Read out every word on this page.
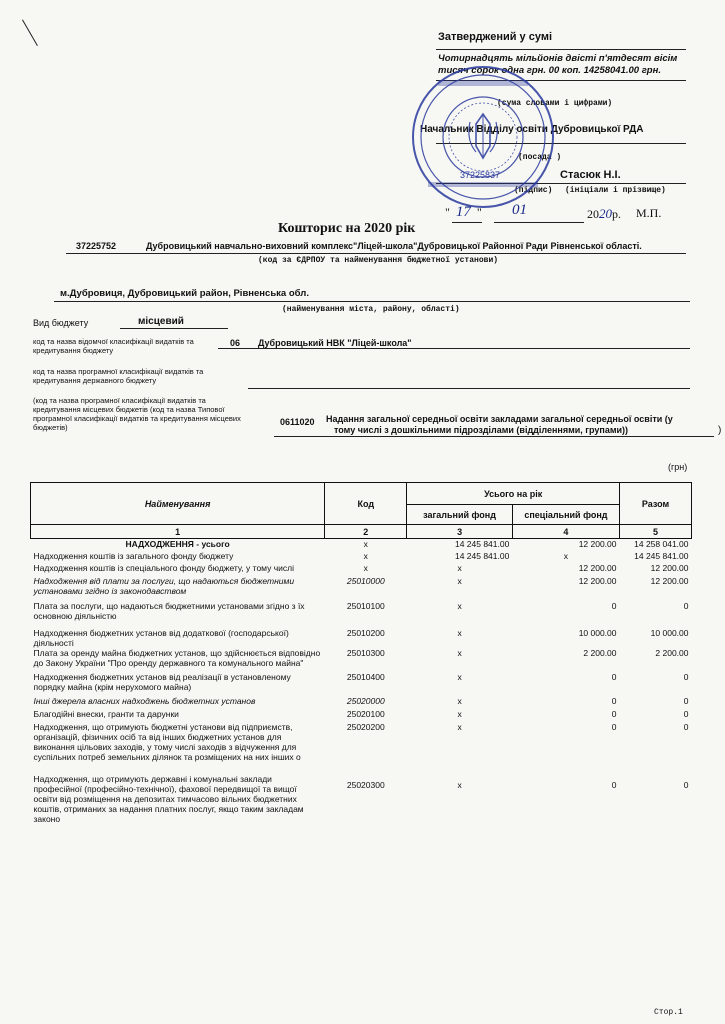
Затверджений у сумі
Чотирнадцять мільйонів двісті п'ятдесят вісім тисяч сорок одна грн. 00 коп. 14258041.00 грн.
(сума словами і цифрами)
Начальник Відділу освіти Дубровицької РДА
(посада )
Стасюк Н.І.
(підпис) (ініціали і прізвище)
" 17 " 01	2020р. М.П.
37225837
Кошторис на 2020 рік
37225752	Дубровицький навчально-виховний комплекс"Ліцей-школа"Дубровицької Районної Ради Рівненської області.
(код за ЄДРПОУ та найменування бюджетної установи)
м.Дубровиця, Дубровицький район, Рівненська обл.
(найменування міста, району, області)
Вид бюджету	місцевий
код та назва відомчої класифікації видатків та кредитування бюджету
06 Дубровицький НВК "Ліцей-школа"
код та назва програмної класифікації видатків та кредитування державного бюджету
(код та назва програмної класифікації видатків та кредитування місцевих бюджетів (код та назва Типової програмної класифікації видатків та кредитування місцевих бюджетів)
0611020 Надання загальної середньої освіти закладами загальної середньої освіти (у
тому числі з дошкільними підрозділами (відділеннями, групами))	)
(грн)
Найменування	Код	Усього на рік		Разом
		загальний фонд	спеціальний фонд	
1	2	3	4	5
НАДХОДЖЕННЯ - усього	х	14 245 841.00	12 200.00	14 258 041.00
Надходження коштів із загального фонду бюджету	х	14 245 841.00	х	14 245 841.00
Надходження коштів із спеціального фонду бюджету, у тому числі	х	х	12 200.00	12 200.00
Надходження від плати за послуги, що надаються бюджетними установами згідно із законодавством	25010000	х	12 200.00	12 200.00
Плата за послуги, що надаються бюджетними установами згідно з їх основною діяльністю	25010100	х	0	0
Надходження бюджетних установ від додаткової (господарської) діяльності	25010200	х	10 000.00	10 000.00
Плата за оренду майна бюджетних установ, що здійснюється відповідно до Закону України "Про оренду державного та комунального майна"	25010300	х	2 200.00	2 200.00
Надходження бюджетних установ від реалізації в установленому порядку майна (крім нерухомого майна)	25010400	х	0	0
Інші джерела власних надходжень бюджетних установ	25020000	х	0	0
Благодійні внески, гранти та дарунки	25020100	х	0	0
Надходження, що отримують бюджетні установи від підприємств, організацій, фізичних осіб та від інших бюджетних установ для виконання цільових заходів, у тому числі заходів з відчуження для суспільних потреб земельних ділянок та розміщених на них інших о	25020200	х	0	0
Надходження, що отримують державні і комунальні заклади професійної (професійно-технічної), фахової передвищої та вищої освіти від розміщення на депозитах тимчасово вільних бюджетних коштів, отриманих за надання платних послуг, якщо таким закладам законо	25020300	х	0	0
Стор.1
